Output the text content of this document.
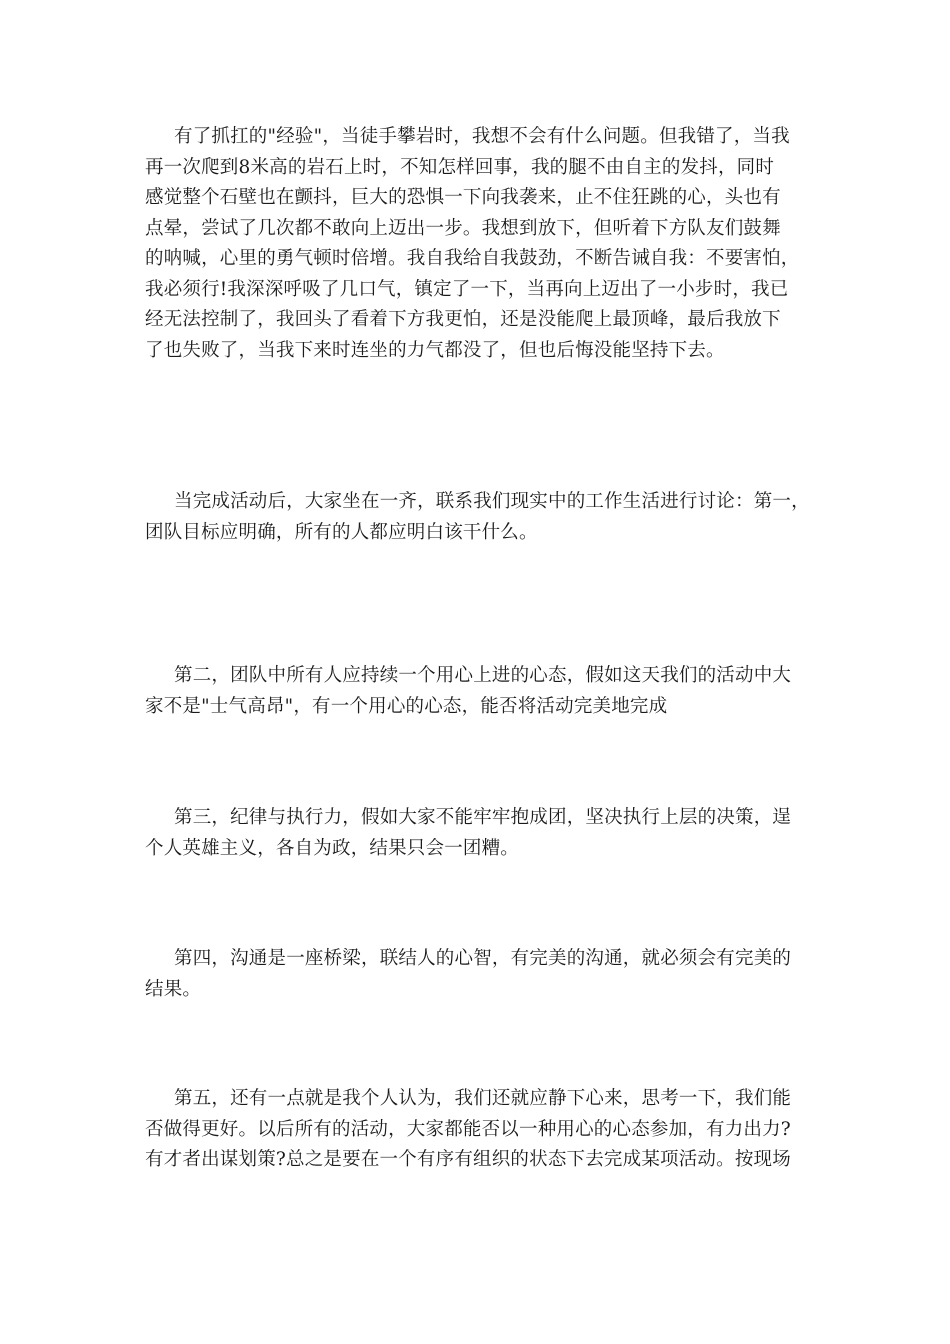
有了抓扛的"经验"，当徒手攀岩时，我想不会有什么问题。但我错了，当我
再一次爬到8米高的岩石上时，不知怎样回事，我的腿不由自主的发抖，同时
感觉整个石壁也在颤抖，巨大的恐惧一下向我袭来，止不住狂跳的心，头也有
点晕，尝试了几次都不敢向上迈出一步。我想到放下，但听着下方队友们鼓舞
的呐喊，心里的勇气顿时倍增。我自我给自我鼓劲，不断告诫自我：不要害怕，
我必须行!我深深呼吸了几口气，镇定了一下，当再向上迈出了一小步时，我已
经无法控制了，我回头了看着下方我更怕，还是没能爬上最顶峰，最后我放下
了也失败了，当我下来时连坐的力气都没了，但也后悔没能坚持下去。
当完成活动后，大家坐在一齐，联系我们现实中的工作生活进行讨论：第一，
团队目标应明确，所有的人都应明白该干什么。
第二，团队中所有人应持续一个用心上进的心态，假如这天我们的活动中大
家不是"士气高昂"，有一个用心的心态，能否将活动完美地完成
第三，纪律与执行力，假如大家不能牢牢抱成团，坚决执行上层的决策，逞
个人英雄主义，各自为政，结果只会一团糟。
第四，沟通是一座桥梁，联结人的心智，有完美的沟通，就必须会有完美的
结果。
第五，还有一点就是我个人认为，我们还就应静下心来，思考一下，我们能
否做得更好。以后所有的活动，大家都能否以一种用心的心态参加，有力出力?
有才者出谋划策?总之是要在一个有序有组织的状态下去完成某项活动。按现场
